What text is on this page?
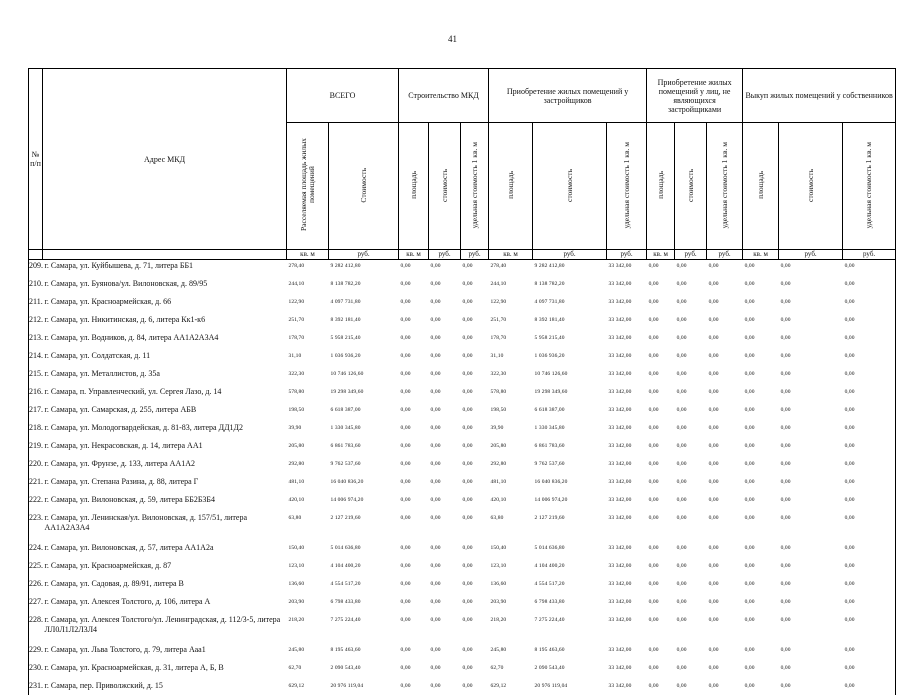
41
№ п/п	Адрес МКД	ВСЕГО		Строительство МКД			Приобретение жилых помещений у застройщиков			Приобретение жилых помещений у лиц, не являющихся застройщиками			Выкуп жилых помещений у собственников		
		Расселяемая площадь жилых помещений	Стоимость	площадь	стоимость	удельная стоимость 1 кв. м	площадь	стоимость	удельная стоимость 1 кв. м	площадь	стоимость	удельная стоимость 1 кв. м	площадь	стоимость	удельная стоимость 1 кв. м
		кв. м	руб.	кв. м	руб.	руб.	кв. м	руб.	руб.	кв. м	руб.	руб.	кв. м	руб.	руб.
209.	г. Самара, ул. Куйбышева, д. 71, литера ББ1	278,40	9 282 412,80	0,00	0,00	0,00	278,40	9 282 412,80	33 342,00	0,00	0,00	0,00	0,00	0,00	0,00
210.	г. Самара, ул. Буянова/ул. Вилоновская, д. 89/95	244,10	8 138 782,20	0,00	0,00	0,00	244,10	8 138 782,20	33 342,00	0,00	0,00	0,00	0,00	0,00	0,00
211.	г. Самара, ул. Красноармейская, д. 66	122,90	4 097 731,80	0,00	0,00	0,00	122,90	4 097 731,80	33 342,00	0,00	0,00	0,00	0,00	0,00	0,00
212.	г. Самара, ул. Никитинская, д. 6, литера Кк1-к6	251,70	8 392 181,40	0,00	0,00	0,00	251,70	8 392 181,40	33 342,00	0,00	0,00	0,00	0,00	0,00	0,00
213.	г. Самара, ул. Водников, д. 84, литера АА1А2А3А4	178,70	5 958 215,40	0,00	0,00	0,00	178,70	5 958 215,40	33 342,00	0,00	0,00	0,00	0,00	0,00	0,00
214.	г. Самара, ул. Солдатская, д. 11	31,10	1 036 936,20	0,00	0,00	0,00	31,10	1 036 936,20	33 342,00	0,00	0,00	0,00	0,00	0,00	0,00
215.	г. Самара, ул. Металлистов, д. 35а	322,30	10 746 126,60	0,00	0,00	0,00	322,30	10 746 126,60	33 342,00	0,00	0,00	0,00	0,00	0,00	0,00
216.	г. Самара, п. Управленческий, ул. Сергея Лазо, д. 14	578,80	19 298 349,60	0,00	0,00	0,00	578,80	19 298 349,60	33 342,00	0,00	0,00	0,00	0,00	0,00	0,00
217.	г. Самара, ул. Самарская, д. 255, литера АБВ	198,50	6 618 387,00	0,00	0,00	0,00	198,50	6 618 387,00	33 342,00	0,00	0,00	0,00	0,00	0,00	0,00
218.	г. Самара, ул. Молодогвардейская, д. 81-83, литера ДД1Д2	39,90	1 330 345,80	0,00	0,00	0,00	39,90	1 330 345,80	33 342,00	0,00	0,00	0,00	0,00	0,00	0,00
219.	г. Самара, ул. Некрасовская, д. 14, литера АА1	205,80	6 861 783,60	0,00	0,00	0,00	205,80	6 861 783,60	33 342,00	0,00	0,00	0,00	0,00	0,00	0,00
220.	г. Самара, ул. Фрунзе, д. 133, литера АА1А2	292,80	9 762 537,60	0,00	0,00	0,00	292,80	9 762 537,60	33 342,00	0,00	0,00	0,00	0,00	0,00	0,00
221.	г. Самара, ул. Степана Разина, д. 88, литера Г	481,10	16 040 836,20	0,00	0,00	0,00	481,10	16 040 836,20	33 342,00	0,00	0,00	0,00	0,00	0,00	0,00
222.	г. Самара, ул. Вилоновская, д. 59, литера ББ2Б3Б4	420,10	14 006 974,20	0,00	0,00	0,00	420,10	14 006 974,20	33 342,00	0,00	0,00	0,00	0,00	0,00	0,00
223.	г. Самара, ул. Ленинская/ул. Вилоновская, д. 157/51, литера АА1А2А3А4	63,80	2 127 219,60	0,00	0,00	0,00	63,80	2 127 219,60	33 342,00	0,00	0,00	0,00	0,00	0,00	0,00
224.	г. Самара, ул. Вилоновская, д. 57, литера АА1А2а	150,40	5 014 636,80	0,00	0,00	0,00	150,40	5 014 636,80	33 342,00	0,00	0,00	0,00	0,00	0,00	0,00
225.	г. Самара, ул. Красноармейская, д. 87	123,10	4 104 400,20	0,00	0,00	0,00	123,10	4 104 400,20	33 342,00	0,00	0,00	0,00	0,00	0,00	0,00
226.	г. Самара, ул. Садовая, д. 89/91, литера В	136,60	4 554 517,20	0,00	0,00	0,00	136,60	4 554 517,20	33 342,00	0,00	0,00	0,00	0,00	0,00	0,00
227.	г. Самара, ул. Алексея Толстого, д. 106, литера А	203,90	6 798 433,80	0,00	0,00	0,00	203,90	6 798 433,80	33 342,00	0,00	0,00	0,00	0,00	0,00	0,00
228.	г. Самара, ул. Алексея Толстого/ул. Ленинградская, д. 112/3-5, литера ЛЛ0Л1Л2Л3Л4	218,20	7 275 224,40	0,00	0,00	0,00	218,20	7 275 224,40	33 342,00	0,00	0,00	0,00	0,00	0,00	0,00
229.	г. Самара, ул. Льва Толстого, д. 79, литера Ааа1	245,80	8 195 463,60	0,00	0,00	0,00	245,80	8 195 463,60	33 342,00	0,00	0,00	0,00	0,00	0,00	0,00
230.	г. Самара, ул. Красноармейская, д. 31, литера А, Б, В	62,70	2 090 543,40	0,00	0,00	0,00	62,70	2 090 543,40	33 342,00	0,00	0,00	0,00	0,00	0,00	0,00
231.	г. Самара, пер. Приволжский, д. 15	629,12	20 976 119,04	0,00	0,00	0,00	629,12	20 976 119,04	33 342,00	0,00	0,00	0,00	0,00	0,00	0,00
